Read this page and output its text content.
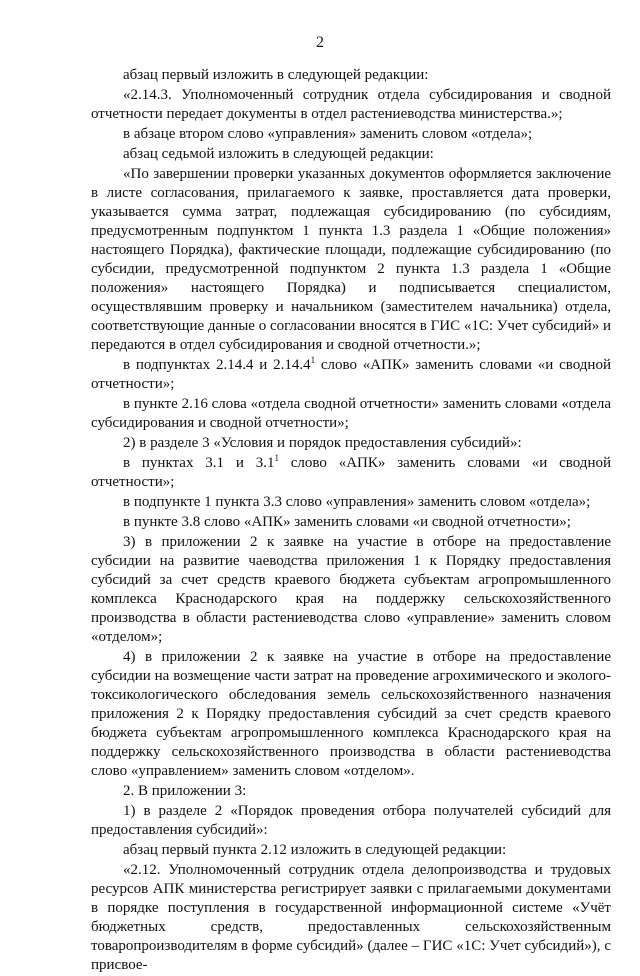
2

абзац первый изложить в следующей редакции:

«2.14.3. Уполномоченный сотрудник отдела субсидирования и сводной отчетности передает документы в отдел растениеводства министерства.»;

в абзаце втором слово «управления» заменить словом «отдела»;

абзац седьмой изложить в следующей редакции:

«По завершении проверки указанных документов оформляется заключение в листе согласования, прилагаемого к заявке, проставляется дата проверки, указывается сумма затрат, подлежащая субсидированию (по субсидиям, предусмотренным подпунктом 1 пункта 1.3 раздела 1 «Общие положения» настоящего Порядка), фактические площади, подлежащие субсидированию (по субсидии, предусмотренной подпунктом 2 пункта 1.3 раздела 1 «Общие положения» настоящего Порядка) и подписывается специалистом, осуществлявшим проверку и начальником (заместителем начальника) отдела, соответствующие данные о согласовании вносятся в ГИС «1С: Учет субсидий» и передаются в отдел субсидирования и сводной отчетности.»;

в подпунктах 2.14.4 и 2.14.4$^1$ слово «АПК» заменить словами «и сводной отчетности»;

в пункте 2.16 слова «отдела сводной отчетности» заменить словами «отдела субсидирования и сводной отчетности»;

2) в разделе 3 «Условия и порядок предоставления субсидий»:

в пунктах 3.1 и $3.1^1$ слово «АПК» заменить словами «и сводной отчетности»;

в подпункте 1 пункта 3.3 слово «управления» заменить словом «отдела»;

в пункте 3.8 слово «АПК» заменить словами «и сводной отчетности»;

3) в приложении 2 к заявке на участие в отборе на предоставление субсидии на развитие чаеводства приложения 1 к Порядку предоставления субсидий за счет средств краевого бюджета субъектам агропромышленного комплекса Краснодарского края на поддержку сельскохозяйственного производства в области растениеводства слово «управление» заменить словом «отделом»;

4) в приложении 2 к заявке на участие в отборе на предоставление субсидии на возмещение части затрат на проведение агрохимического и эколого-токсикологического обследования земель сельскохозяйственного назначения приложения 2 к Порядку предоставления субсидий за счет средств краевого бюджета субъектам агропромышленного комплекса Краснодарского края на поддержку сельскохозяйственного производства в области растениеводства слово «управлением» заменить словом «отделом».

2. В приложении 3:

1) в разделе 2 «Порядок проведения отбора получателей субсидий для предоставления субсидий»:

абзац первый пункта 2.12 изложить в следующей редакции:

«2.12. Уполномоченный сотрудник отдела делопроизводства и трудовых ресурсов АПК министерства регистрирует заявки с прилагаемыми документами в порядке поступления в государственной информационной системе «Учёт бюджетных средств, предоставленных сельскохозяйственным товаропроизводителям в форме субсидий» (далее – ГИС «1С: Учет субсидий»), с присвое-
